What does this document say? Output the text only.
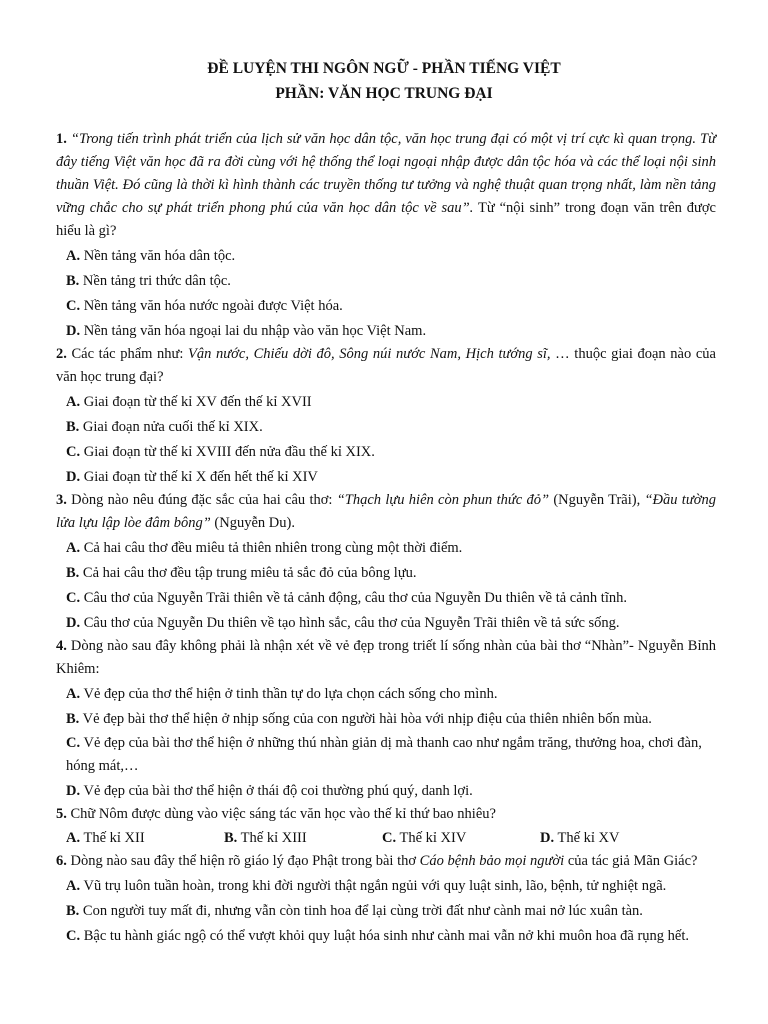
ĐỀ LUYỆN THI NGÔN NGỮ - PHẦN TIẾNG VIỆT
PHẦN: VĂN HỌC TRUNG ĐẠI

1. “Trong tiến trình phát triển của lịch sử văn học dân tộc, văn học trung đại có một vị trí cực kì quan trọng. Từ đây tiếng Việt văn học đã ra đời cùng với hệ thống thể loại ngoại nhập được dân tộc hóa và các thể loại nội sinh thuần Việt. Đó cũng là thời kì hình thành các truyền thống tư tưởng và nghệ thuật quan trọng nhất, làm nền tảng vững chắc cho sự phát triển phong phú của văn học dân tộc về sau”. Từ “nội sinh” trong đoạn văn trên được hiểu là gì?

A. Nền tảng văn hóa dân tộc.
B. Nền tảng tri thức dân tộc.
C. Nền tảng văn hóa nước ngoài được Việt hóa.
D. Nền tảng văn hóa ngoại lai du nhập vào văn học Việt Nam.

2. Các tác phẩm như: Vận nước, Chiếu dời đô, Sông núi nước Nam, Hịch tướng sĩ, … thuộc giai đoạn nào của văn học trung đại?

A. Giai đoạn từ thế kỉ XV đến thế kỉ XVII
B. Giai đoạn nửa cuối thế kỉ XIX.
C. Giai đoạn từ thế kỉ XVIII đến nửa đầu thế kỉ XIX.
D. Giai đoạn từ thế kỉ X đến hết thế kỉ XIV

3. Dòng nào nêu đúng đặc sắc của hai câu thơ: “Thạch lựu hiên còn phun thức đỏ” (Nguyễn Trãi), “Đầu tường lửa lựu lập lòe đâm bông” (Nguyễn Du).

A. Cả hai câu thơ đều miêu tả thiên nhiên trong cùng một thời điểm.
B. Cả hai câu thơ đều tập trung miêu tả sắc đỏ của bông lựu.
C. Câu thơ của Nguyễn Trãi thiên về tả cảnh động, câu thơ của Nguyễn Du thiên về tả cảnh tĩnh.
D. Câu thơ của Nguyễn Du thiên về tạo hình sắc, câu thơ của Nguyễn Trãi thiên về tả sức sống.

4. Dòng nào sau đây không phải là nhận xét về vẻ đẹp trong triết lí sống nhàn của bài thơ “Nhàn”- Nguyễn Bỉnh Khiêm:

A. Vẻ đẹp của thơ thể hiện ở tinh thần tự do lựa chọn cách sống cho mình.
B. Vẻ đẹp bài thơ thể hiện ở nhịp sống của con người hài hòa với nhịp điệu của thiên nhiên bốn mùa.
C. Vẻ đẹp của bài thơ thể hiện ở những thú nhàn giản dị mà thanh cao như ngắm trăng, thưởng hoa, chơi đàn, hóng mát,…
D. Vẻ đẹp của bài thơ thể hiện ở thái độ coi thường phú quý, danh lợi.

5. Chữ Nôm được dùng vào việc sáng tác văn học vào thế kỉ thứ bao nhiêu?

A. Thế kỉ XII	B. Thế kỉ XIII	C. Thế kỉ XIV	D. Thế kỉ XV

6. Dòng nào sau đây thể hiện rõ giáo lý đạo Phật trong bài thơ Cáo bệnh bảo mọi người của tác giả Mãn Giác?

A. Vũ trụ luôn tuần hoàn, trong khi đời người thật ngắn ngủi với quy luật sinh, lão, bệnh, tử nghiệt ngã.
B. Con người tuy mất đi, nhưng vẫn còn tinh hoa để lại cùng trời đất như cành mai nở lúc xuân tàn.
C. Bậc tu hành giác ngộ có thể vượt khỏi quy luật hóa sinh như cành mai vẫn nở khi muôn hoa đã rụng hết.
